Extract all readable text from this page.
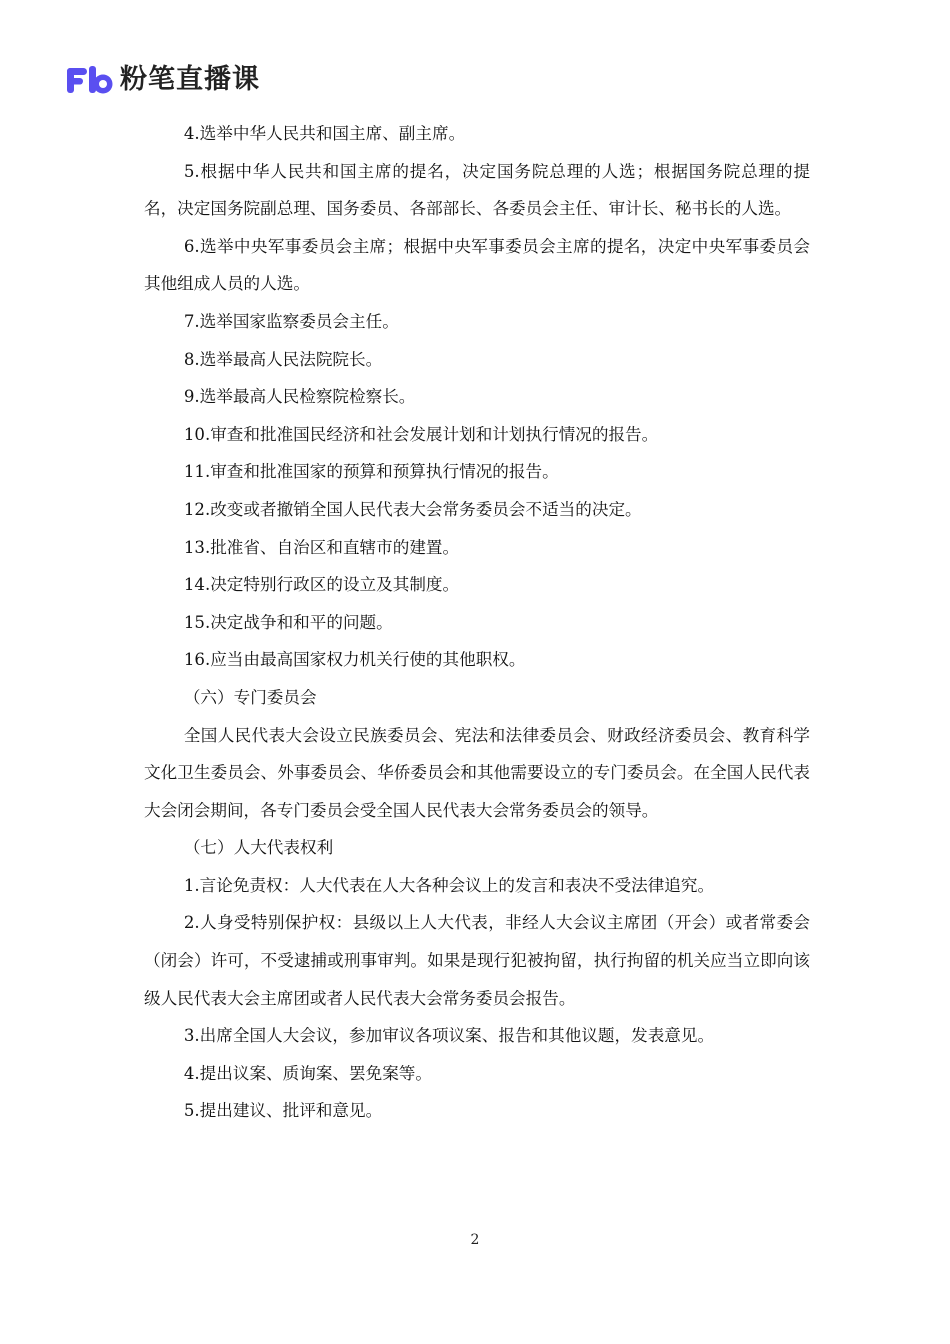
粉笔直播课

4.选举中华人民共和国主席、副主席。

5.根据中华人民共和国主席的提名，决定国务院总理的人选；根据国务院总理的提名，决定国务院副总理、国务委员、各部部长、各委员会主任、审计长、秘书长的人选。

6.选举中央军事委员会主席；根据中央军事委员会主席的提名，决定中央军事委员会其他组成人员的人选。

7.选举国家监察委员会主任。

8.选举最高人民法院院长。

9.选举最高人民检察院检察长。

10.审查和批准国民经济和社会发展计划和计划执行情况的报告。

11.审查和批准国家的预算和预算执行情况的报告。

12.改变或者撤销全国人民代表大会常务委员会不适当的决定。

13.批准省、自治区和直辖市的建置。

14.决定特别行政区的设立及其制度。

15.决定战争和和平的问题。

16.应当由最高国家权力机关行使的其他职权。

（六）专门委员会

全国人民代表大会设立民族委员会、宪法和法律委员会、财政经济委员会、教育科学文化卫生委员会、外事委员会、华侨委员会和其他需要设立的专门委员会。在全国人民代表大会闭会期间，各专门委员会受全国人民代表大会常务委员会的领导。

（七）人大代表权利

1.言论免责权：人大代表在人大各种会议上的发言和表决不受法律追究。

2.人身受特别保护权：县级以上人大代表，非经人大会议主席团（开会）或者常委会（闭会）许可，不受逮捕或刑事审判。如果是现行犯被拘留，执行拘留的机关应当立即向该级人民代表大会主席团或者人民代表大会常务委员会报告。

3.出席全国人大会议，参加审议各项议案、报告和其他议题，发表意见。

4.提出议案、质询案、罢免案等。

5.提出建议、批评和意见。

2
